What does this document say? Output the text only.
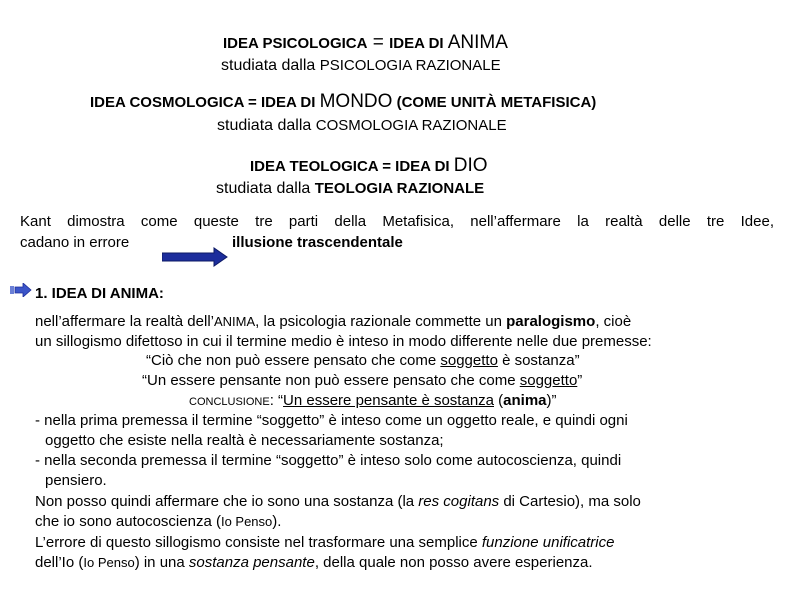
IDEA PSICOLOGICA = IDEA DI ANIMA
studiata dalla PSICOLOGIA RAZIONALE
IDEA COSMOLOGICA = IDEA DI MONDO (COME UNITÀ METAFISICA)
studiata dalla COSMOLOGIA RAZIONALE
IDEA TEOLOGICA = IDEA DI DIO
studiata dalla TEOLOGIA RAZIONALE
Kant dimostra come queste tre parti della Metafisica, nell’affermare la realtà delle tre Idee,
cadano in errore	illusione trascendentale
1. IDEA DI ANIMA:
nell’affermare la realtà dell’ANIMA, la psicologia razionale commette un paralogismo, cioè
un sillogismo difettoso in cui il termine medio è inteso in modo differente nelle due premesse:
“Ciò che non può essere pensato che come soggetto è sostanza”
“Un essere pensante non può essere pensato che come soggetto”
CONCLUSIONE: “Un essere pensante è sostanza (anima)”
- nella prima premessa il termine “soggetto” è inteso come un oggetto reale, e quindi ogni
oggetto che esiste nella realtà è necessariamente sostanza;
- nella seconda premessa il termine “soggetto” è inteso solo come autocoscienza, quindi
pensiero.
Non posso quindi affermare che io sono una sostanza (la res cogitans di Cartesio), ma solo
che io sono autocoscienza (Io Penso).
L’errore di questo sillogismo consiste nel trasformare una semplice funzione unificatrice
dell’Io (Io Penso) in una sostanza pensante, della quale non posso avere esperienza.
